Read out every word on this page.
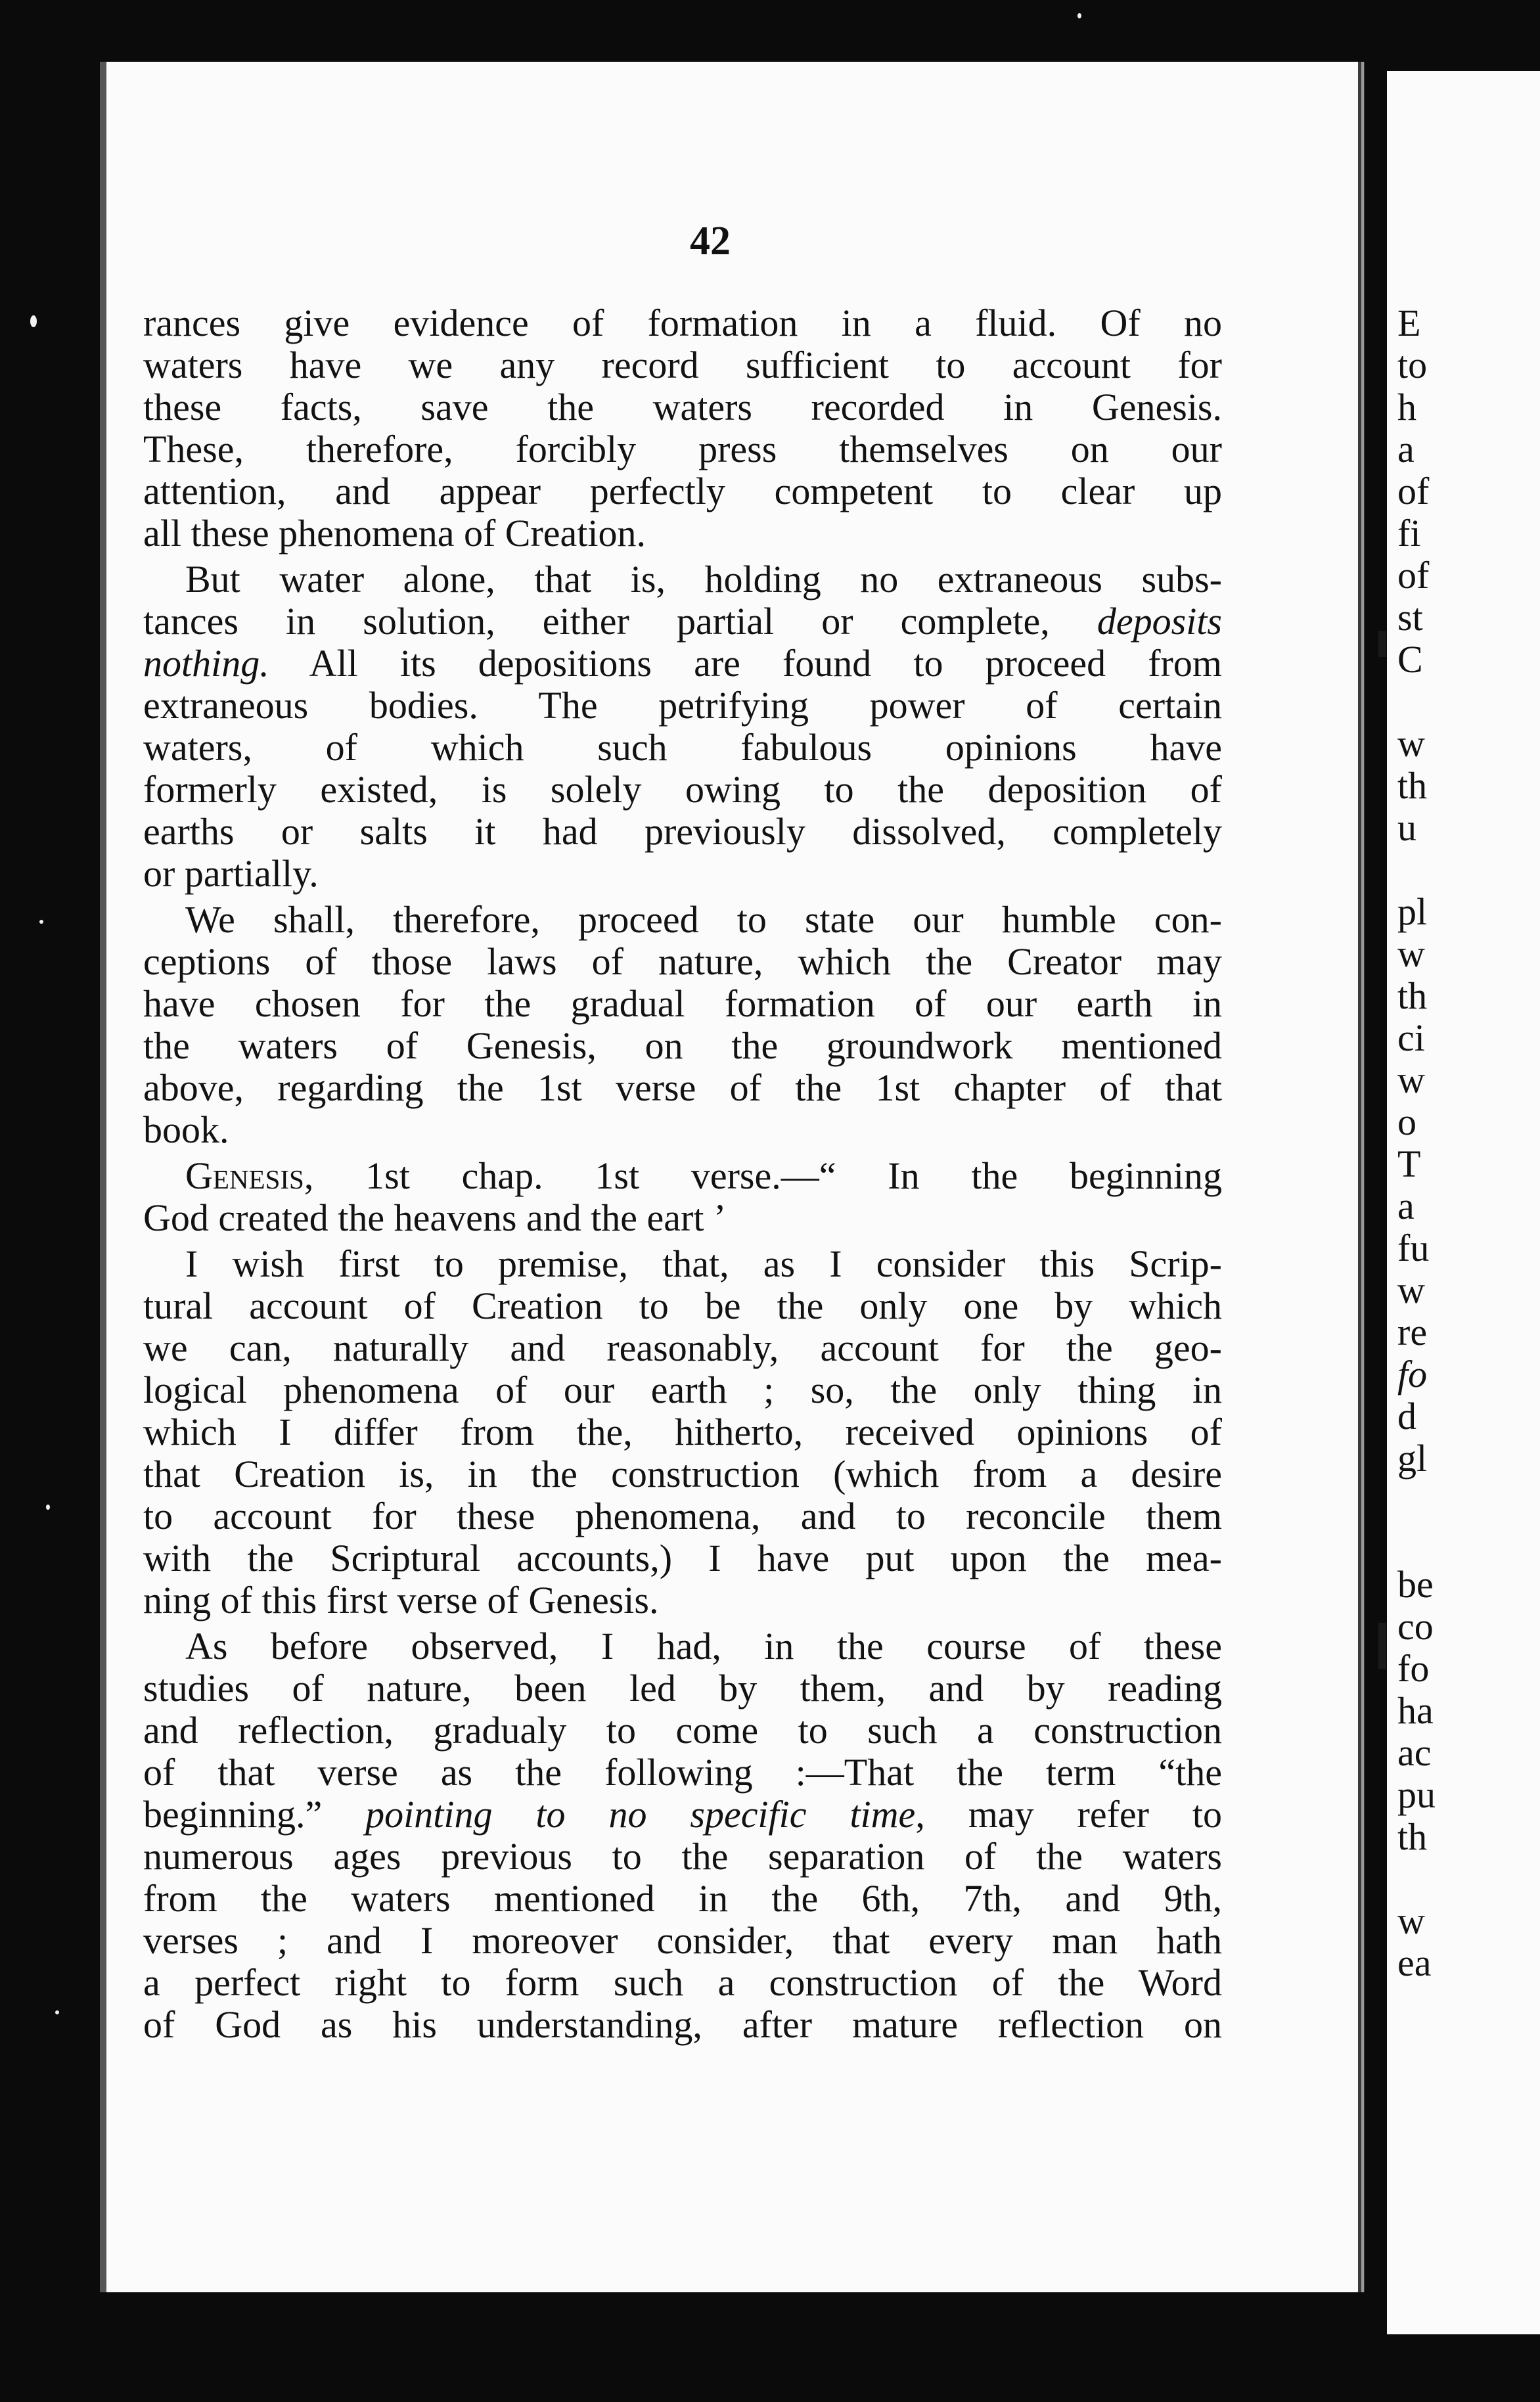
42
rances give evidence of formation in a fluid. Of no
waters have we any record sufficient to account for
these facts, save the waters recorded in Genesis.
These, therefore, forcibly press themselves on our
attention, and appear perfectly competent to clear up
all these phenomena of Creation.
But water alone, that is, holding no extraneous subs-
tances in solution, either partial or complete, deposits
nothing. All its depositions are found to proceed from
extraneous bodies. The petrifying power of certain
waters, of which such fabulous opinions have
formerly existed, is solely owing to the deposition of
earths or salts it had previously dissolved, completely
or partially.
We shall, therefore, proceed to state our humble con-
ceptions of those laws of nature, which the Creator may
have chosen for the gradual formation of our earth in
the waters of Genesis, on the groundwork mentioned
above, regarding the 1st verse of the 1st chapter of that
book.
Genesis, 1st chap. 1st verse.—“ In the beginning
God created the heavens and the eart ’
I wish first to premise, that, as I consider this Scrip-
tural account of Creation to be the only one by which
we can, naturally and reasonably, account for the geo-
logical phenomena of our earth ; so, the only thing in
which I differ from the, hitherto, received opinions of
that Creation is, in the construction (which from a desire
to account for these phenomena, and to reconcile them
with the Scriptural accounts,) I have put upon the mea-
ning of this first verse of Genesis.
As before observed, I had, in the course of these
studies of nature, been led by them, and by reading
and reflection, gradualy to come to such a construction
of that verse as the following :—That the term “the
beginning.” pointing to no specific time, may refer to
numerous ages previous to the separation of the waters
from the waters mentioned in the 6th, 7th, and 9th,
verses ; and I moreover consider, that every man hath
a perfect right to form such a construction of the Word
of God as his understanding, after mature reflection on
E
to
h
a
of
fi
of
st
C
w
th
u
pl
w
th
ci
w
o
T
a
fu
w
re
fo
d
gl
be
co
fo
ha
ac
pu
th
w
ea
